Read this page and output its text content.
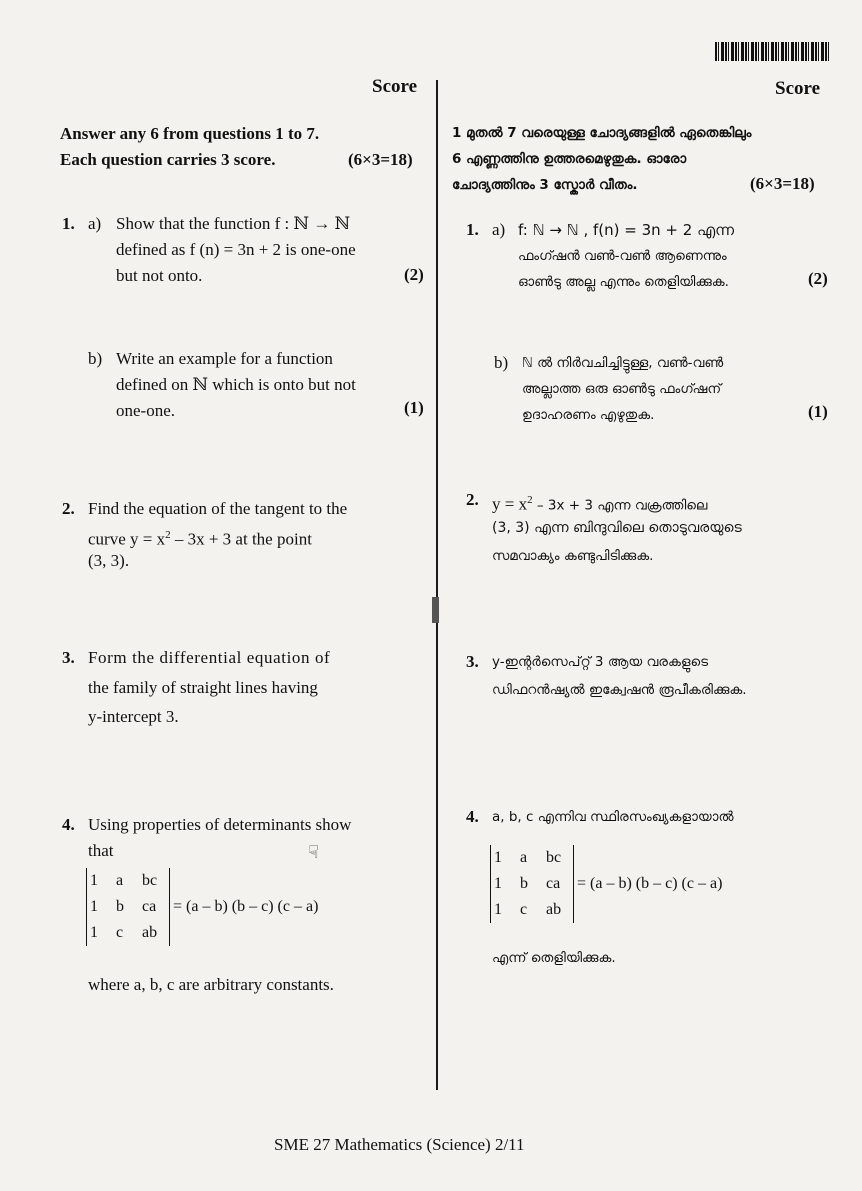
Score	Score
Answer any 6 from questions 1 to 7.
Each question carries 3 score.	(6×3=18)
1 മുതൽ 7 വരെയുള്ള ചോദ്യങ്ങളിൽ ഏതെങ്കിലും
6 എണ്ണത്തിനു ഉത്തരമെഴുതുക. ഓരോ
ചോദ്യത്തിനും 3 സ്കോർ വീതം.	(6×3=18)
1. a) Show that the function f : ℕ → ℕ
defined as f (n) = 3n + 2 is one-one
but not onto.	(2)
b) Write an example for a function
defined on ℕ which is onto but not
one-one.	(1)
1. a) f: ℕ → ℕ , f(n) = 3n + 2 എന്ന
ഫംഗ്ഷൻ വൺ-വൺ ആണെന്നും
ഓൺടു അല്ല എന്നും തെളിയിക്കുക.	(2)
b) ℕ ൽ നിർവചിച്ചിട്ടുള്ള, വൺ-വൺ
അല്ലാത്ത ഒരു ഓൺടു ഫംഗ്ഷന്
ഉദാഹരണം എഴുതുക.	(1)
2. Find the equation of the tangent to the
curve $y = x^2 - 3x + 3$ at the point
(3, 3).
2. $y = x^2 - 3x + 3$ എന്ന വക്രത്തിലെ
(3, 3) എന്ന ബിന്ദുവിലെ തൊടുവരയുടെ
സമവാക്യം കണ്ടുപിടിക്കുക.
3. Form the differential equation of
the family of straight lines having
y-intercept 3.
3. y-ഇന്റർസെപ്റ്റ് 3 ആയ വരകളുടെ
ഡിഫറൻഷ്യൽ ഇക്വേഷൻ രൂപീകരിക്കുക.
4. Using properties of determinants show
that	☟
1	a	bc
1	b	ca
1	c	ab
= (a – b) (b – c) (c – a)
where a, b, c are arbitrary constants.
4. a, b, c എന്നിവ സ്ഥിരസംഖ്യകളായാൽ
1	a	bc
1	b	ca
1	c	ab
= (a – b) (b – c) (c – a)
എന്ന് തെളിയിക്കുക.
SME 27 Mathematics (Science) 2/11
